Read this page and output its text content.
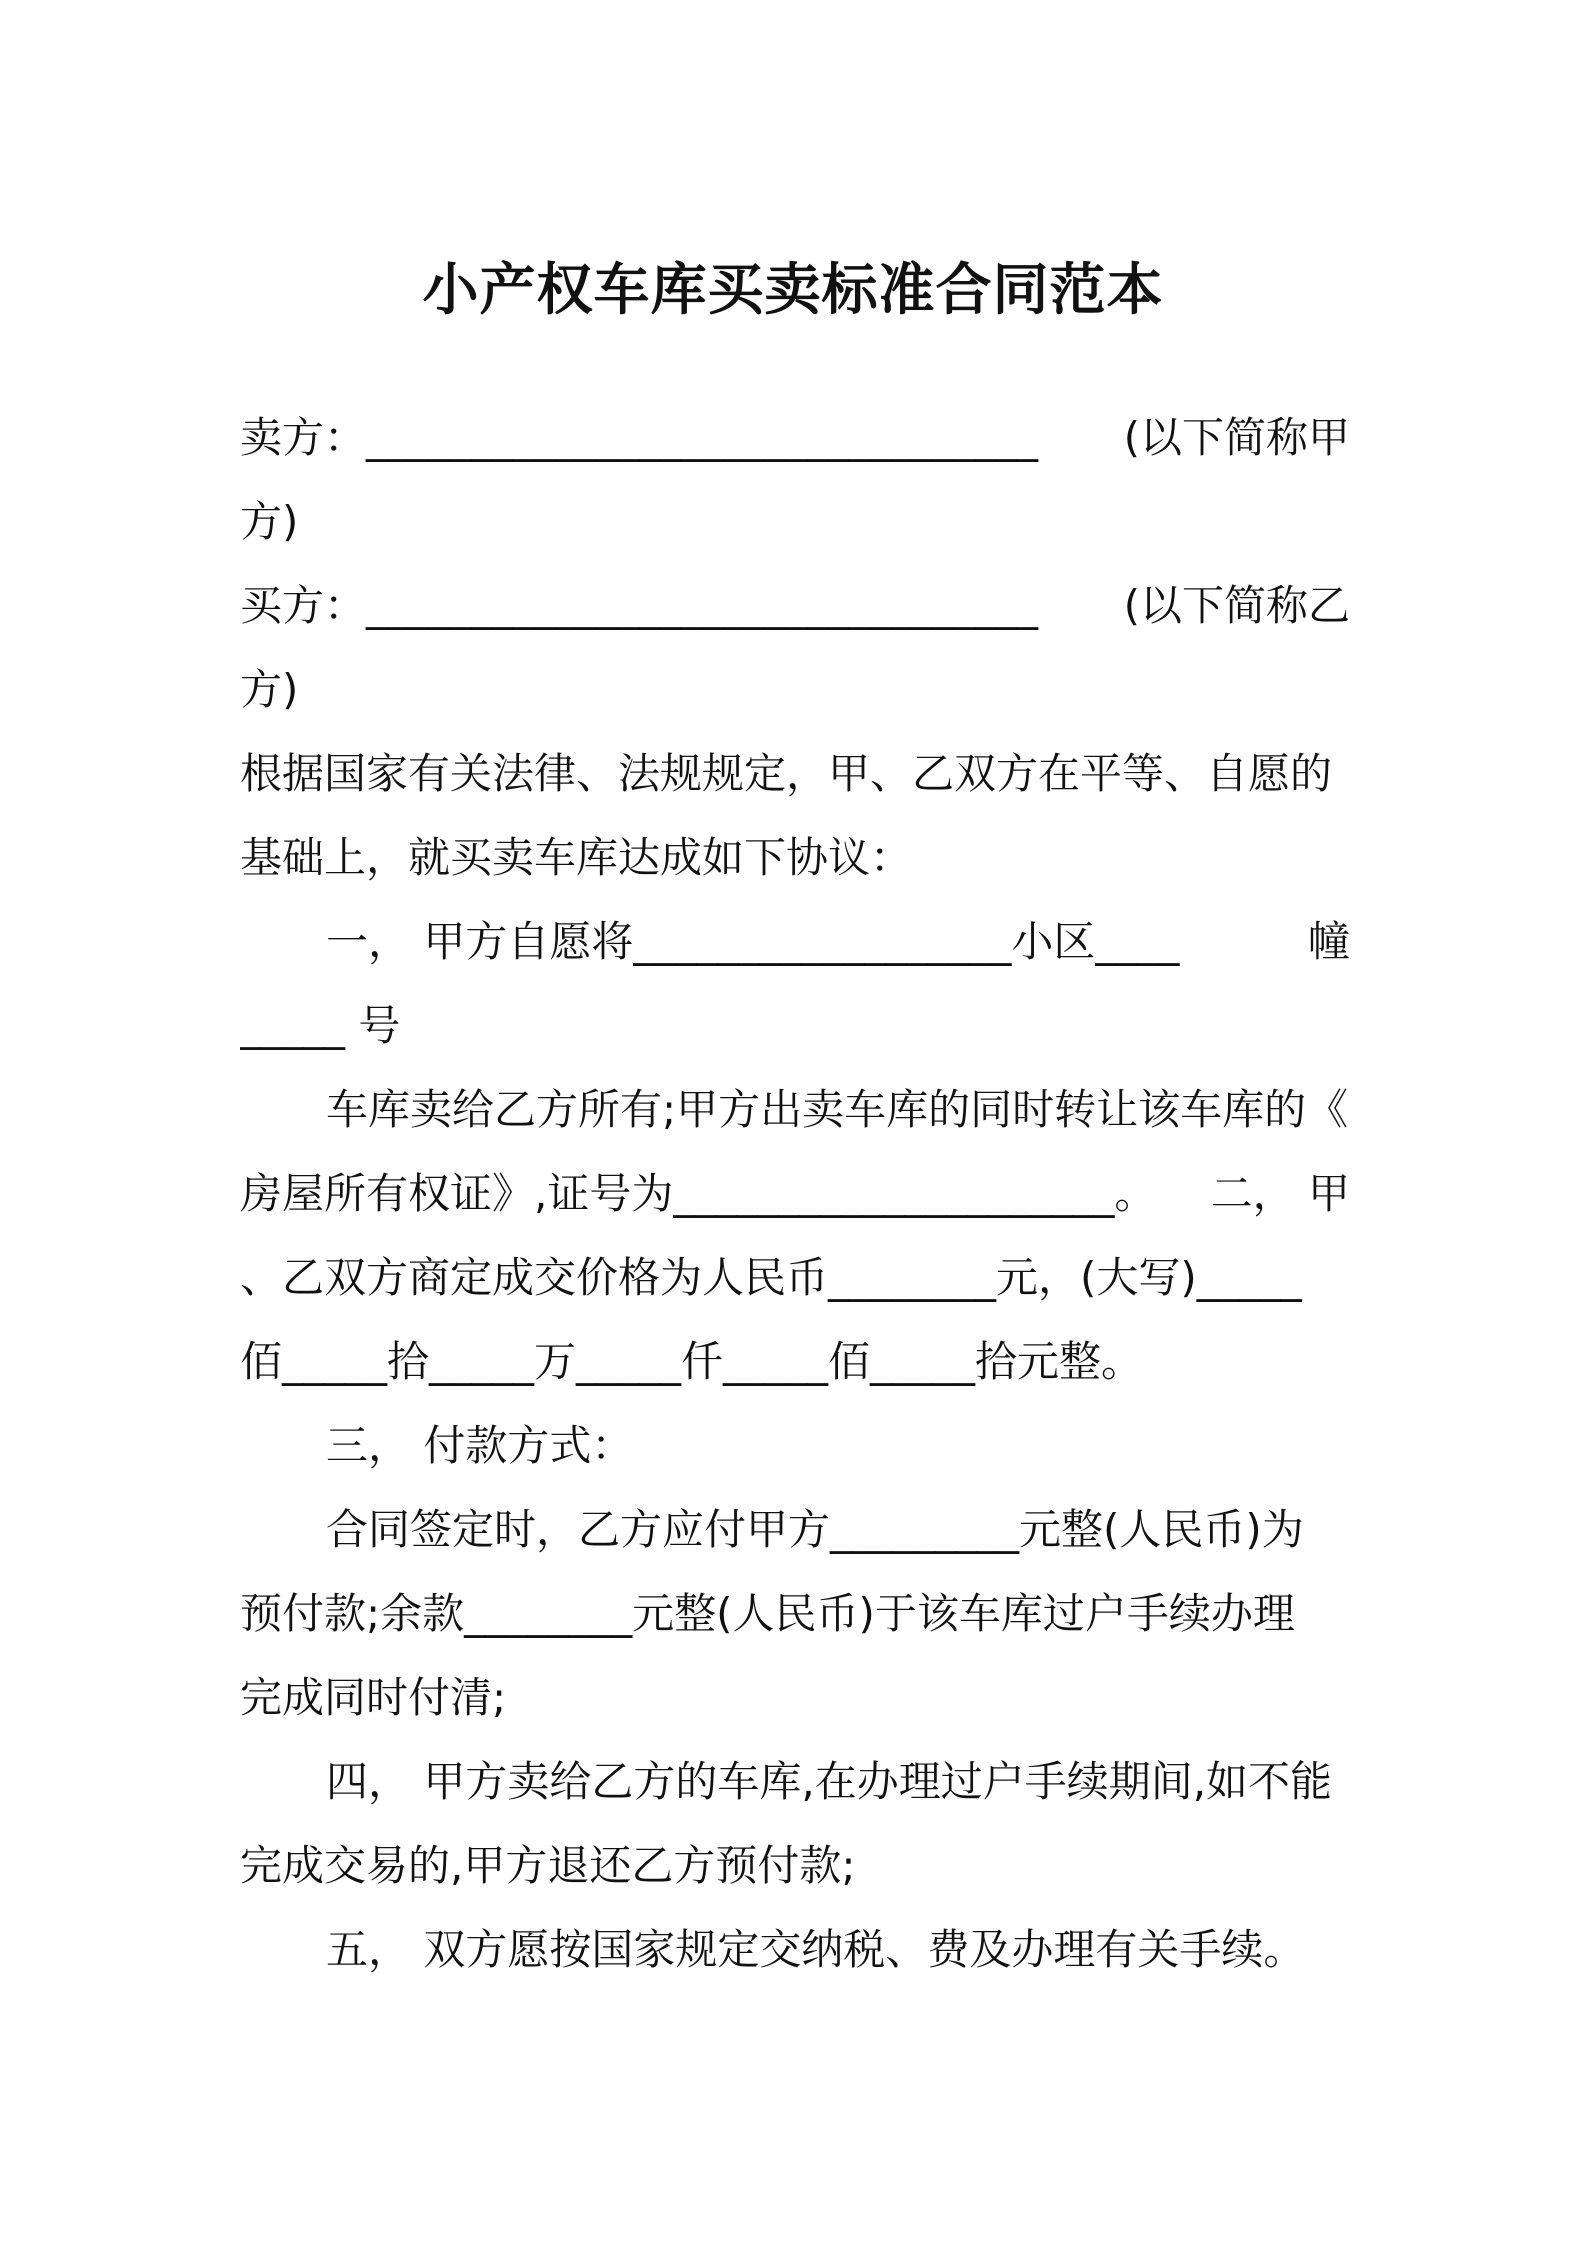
小产权车库买卖标准合同范本
卖方：________________________________ (以下简称甲
方)
买方：________________________________ (以下简称乙
方)
根据国家有关法律、法规规定，甲、乙双方在平等、自愿的
基础上，就买卖车库达成如下协议：
一， 甲方自愿将__________________小区____	幢
_____ 号
车库卖给乙方所有;甲方出卖车库的同时转让该车库的《
房屋所有权证》,证号为_____________________。 二， 甲
、乙双方商定成交价格为人民币________元，(大写)_____
佰_____拾_____万_____仟_____佰_____拾元整。
三， 付款方式：
合同签定时，乙方应付甲方_________元整(人民币)为
预付款;余款________元整(人民币)于该车库过户手续办理
完成同时付清;
四， 甲方卖给乙方的车库,在办理过户手续期间,如不能
完成交易的,甲方退还乙方预付款;
五， 双方愿按国家规定交纳税、费及办理有关手续。
